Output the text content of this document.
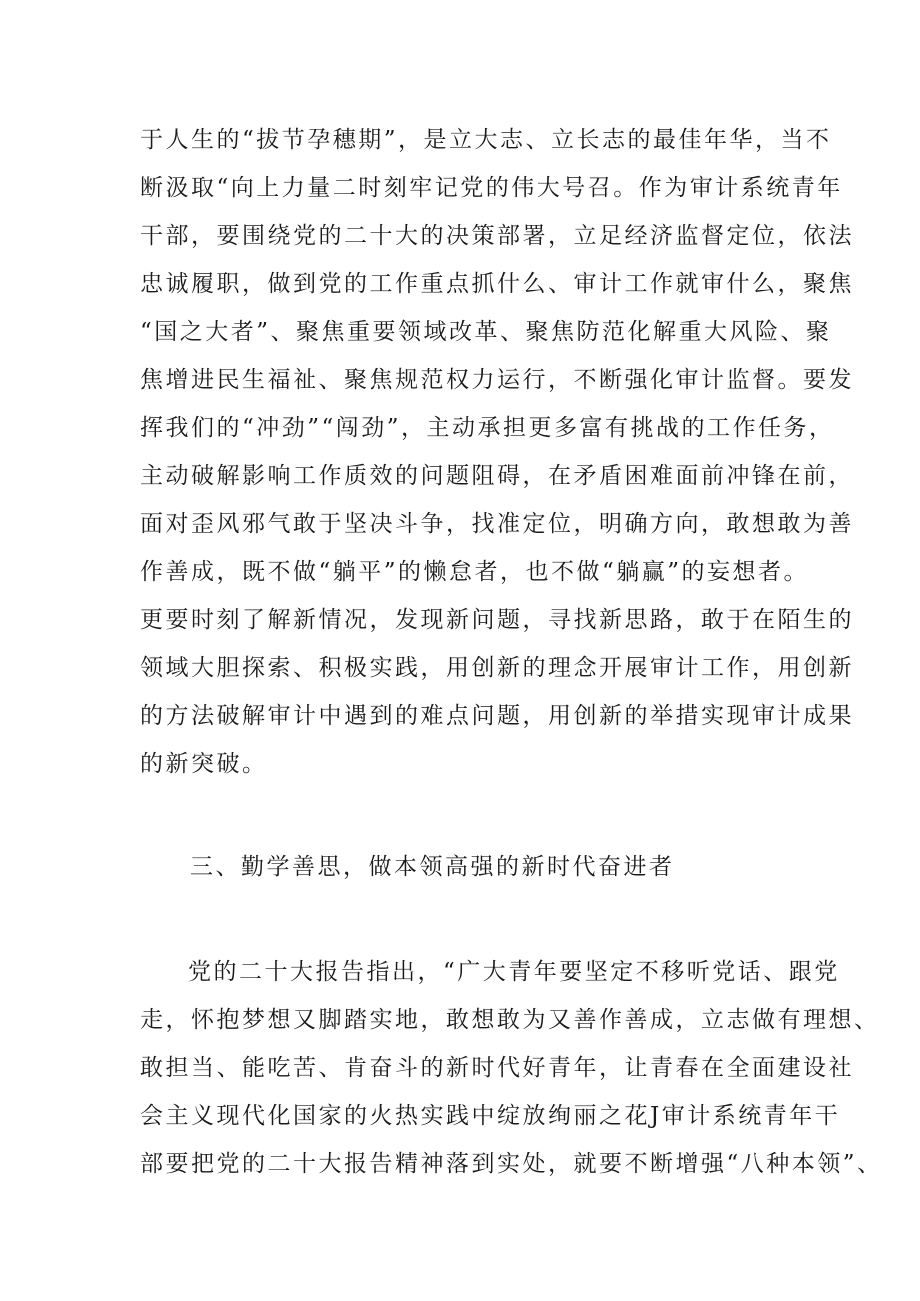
于人生的“拔节孕穗期”，是立大志、立长志的最佳年华，当不
断汲取“向上力量二时刻牢记党的伟大号召。作为审计系统青年
干部，要围绕党的二十大的决策部署，立足经济监督定位，依法
忠诚履职，做到党的工作重点抓什么、审计工作就审什么，聚焦
“国之大者”、聚焦重要领域改革、聚焦防范化解重大风险、聚
焦增进民生福祉、聚焦规范权力运行，不断强化审计监督。要发
挥我们的“冲劲”“闯劲”，主动承担更多富有挑战的工作任务，
主动破解影响工作质效的问题阻碍，在矛盾困难面前冲锋在前，
面对歪风邪气敢于坚决斗争，找准定位，明确方向，敢想敢为善
作善成，既不做“躺平”的懒怠者，也不做“躺赢”的妄想者。
更要时刻了解新情况，发现新问题，寻找新思路，敢于在陌生的
领域大胆探索、积极实践，用创新的理念开展审计工作，用创新
的方法破解审计中遇到的难点问题，用创新的举措实现审计成果
的新突破。
三、勤学善思，做本领高强的新时代奋进者
党的二十大报告指出，“广大青年要坚定不移听党话、跟党
走，怀抱梦想又脚踏实地，敢想敢为又善作善成，立志做有理想、
敢担当、能吃苦、肯奋斗的新时代好青年，让青春在全面建设社
会主义现代化国家的火热实践中绽放绚丽之花J审计系统青年干
部要把党的二十大报告精神落到实处，就要不断增强“八种本领”、
